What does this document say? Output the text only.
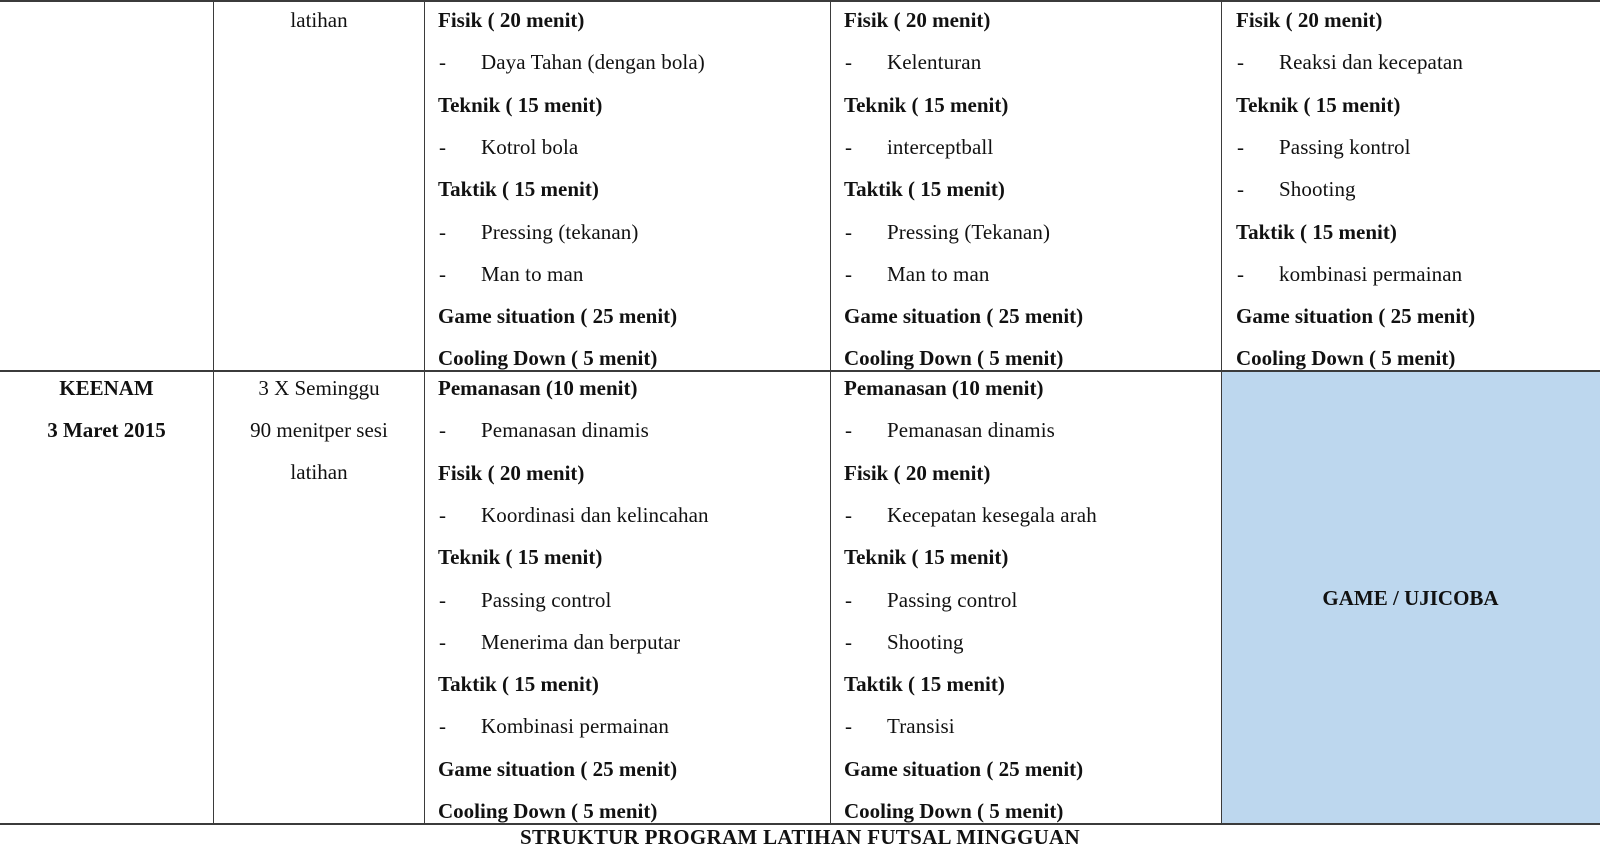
latihan
KEENAM
3 Maret 2015
3 X Seminggu
90 menitper sesi
latihan
GAME / UJICOBA
Fisik ( 20 menit)
- Daya Tahan (dengan bola)
Teknik ( 15 menit)
- Kotrol bola
Taktik ( 15 menit)
- Pressing (tekanan)
- Man to man
Game situation ( 25 menit)
Cooling Down ( 5 menit)
Fisik ( 20 menit)
- Kelenturan
Teknik ( 15 menit)
- interceptball
Taktik ( 15 menit)
- Pressing (Tekanan)
- Man to man
Game situation ( 25 menit)
Cooling Down ( 5 menit)
Fisik ( 20 menit)
- Reaksi dan kecepatan
Teknik ( 15 menit)
- Passing kontrol
- Shooting
Taktik ( 15 menit)
- kombinasi permainan
Game situation ( 25 menit)
Cooling Down ( 5 menit)
Pemanasan (10 menit)
- Pemanasan dinamis
Fisik ( 20 menit)
- Koordinasi dan kelincahan
Teknik ( 15 menit)
- Passing control
- Menerima dan berputar
Taktik ( 15 menit)
- Kombinasi permainan
Game situation ( 25 menit)
Cooling Down ( 5 menit)
Pemanasan (10 menit)
- Pemanasan dinamis
Fisik ( 20 menit)
- Kecepatan kesegala arah
Teknik ( 15 menit)
- Passing control
- Shooting
Taktik ( 15 menit)
- Transisi
Game situation ( 25 menit)
Cooling Down ( 5 menit)
STRUKTUR PROGRAM LATIHAN FUTSAL MINGGUAN
